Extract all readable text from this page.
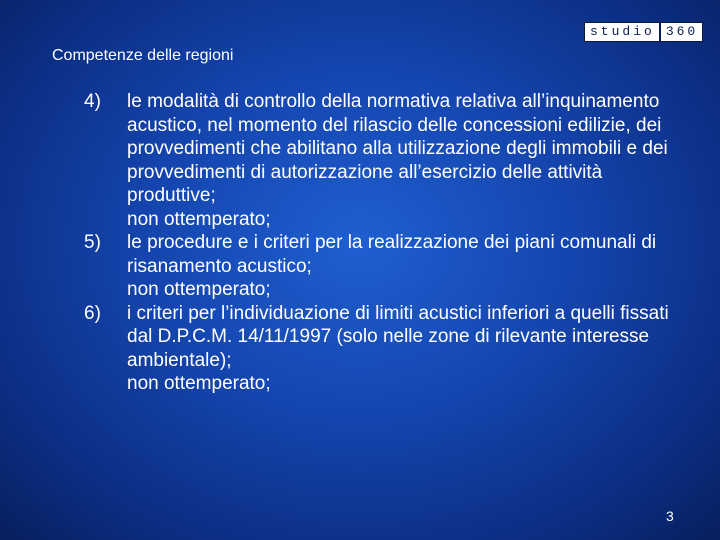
studio 360
Competenze delle regioni
4)	le modalità di controllo della normativa relativa all’inquinamento acustico, nel momento del rilascio delle concessioni edilizie, dei provvedimenti che abilitano alla utilizzazione degli immobili e dei provvedimenti di autorizzazione all’esercizio delle attività produttive;
non ottemperato;
5)	le procedure e i criteri per la realizzazione dei piani comunali di risanamento acustico;
non ottemperato;
6)	i criteri per l’individuazione di limiti acustici inferiori a quelli fissati dal D.P.C.M. 14/11/1997 (solo nelle zone di rilevante interesse ambientale);
non ottemperato;
3
